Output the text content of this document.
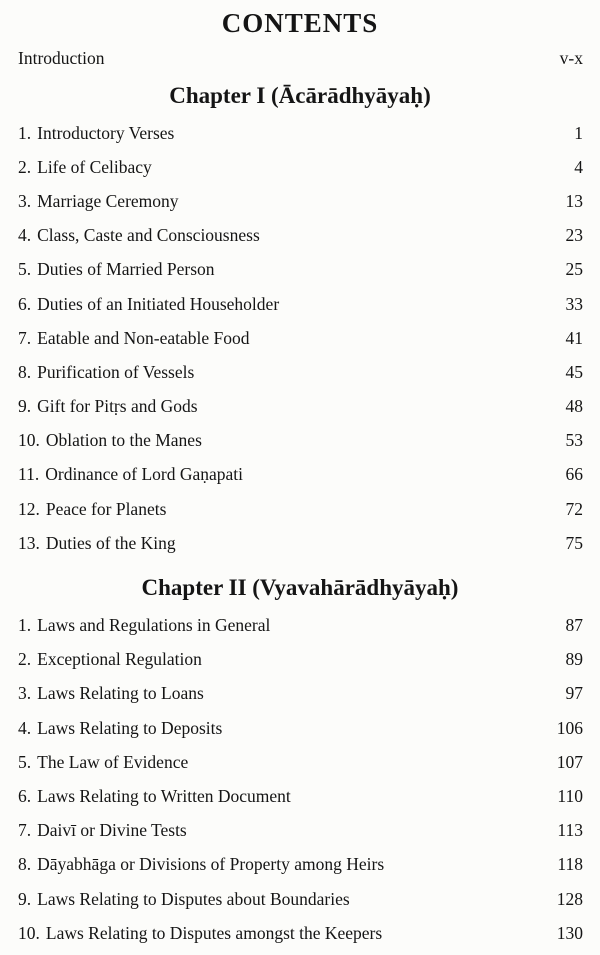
CONTENTS
Introduction	v-x
Chapter I (Ācārādhyāyaḥ)
1. Introductory Verses	1
2. Life of Celibacy	4
3. Marriage Ceremony	13
4. Class, Caste and Consciousness	23
5. Duties of Married Person	25
6. Duties of an Initiated Householder	33
7. Eatable and Non-eatable Food	41
8. Purification of Vessels	45
9. Gift for Pitṛs and Gods	48
10. Oblation to the Manes	53
11. Ordinance of Lord Gaṇapati	66
12. Peace for Planets	72
13. Duties of the King	75
Chapter II (Vyavahārādhyāyaḥ)
1. Laws and Regulations in General	87
2. Exceptional Regulation	89
3. Laws Relating to Loans	97
4. Laws Relating to Deposits	106
5. The Law of Evidence	107
6. Laws Relating to Written Document	110
7. Daivī or Divine Tests	113
8. Dāyabhāga or Divisions of Property among Heirs	118
9. Laws Relating to Disputes about Boundaries	128
10. Laws Relating to Disputes amongst the Keepers	130
